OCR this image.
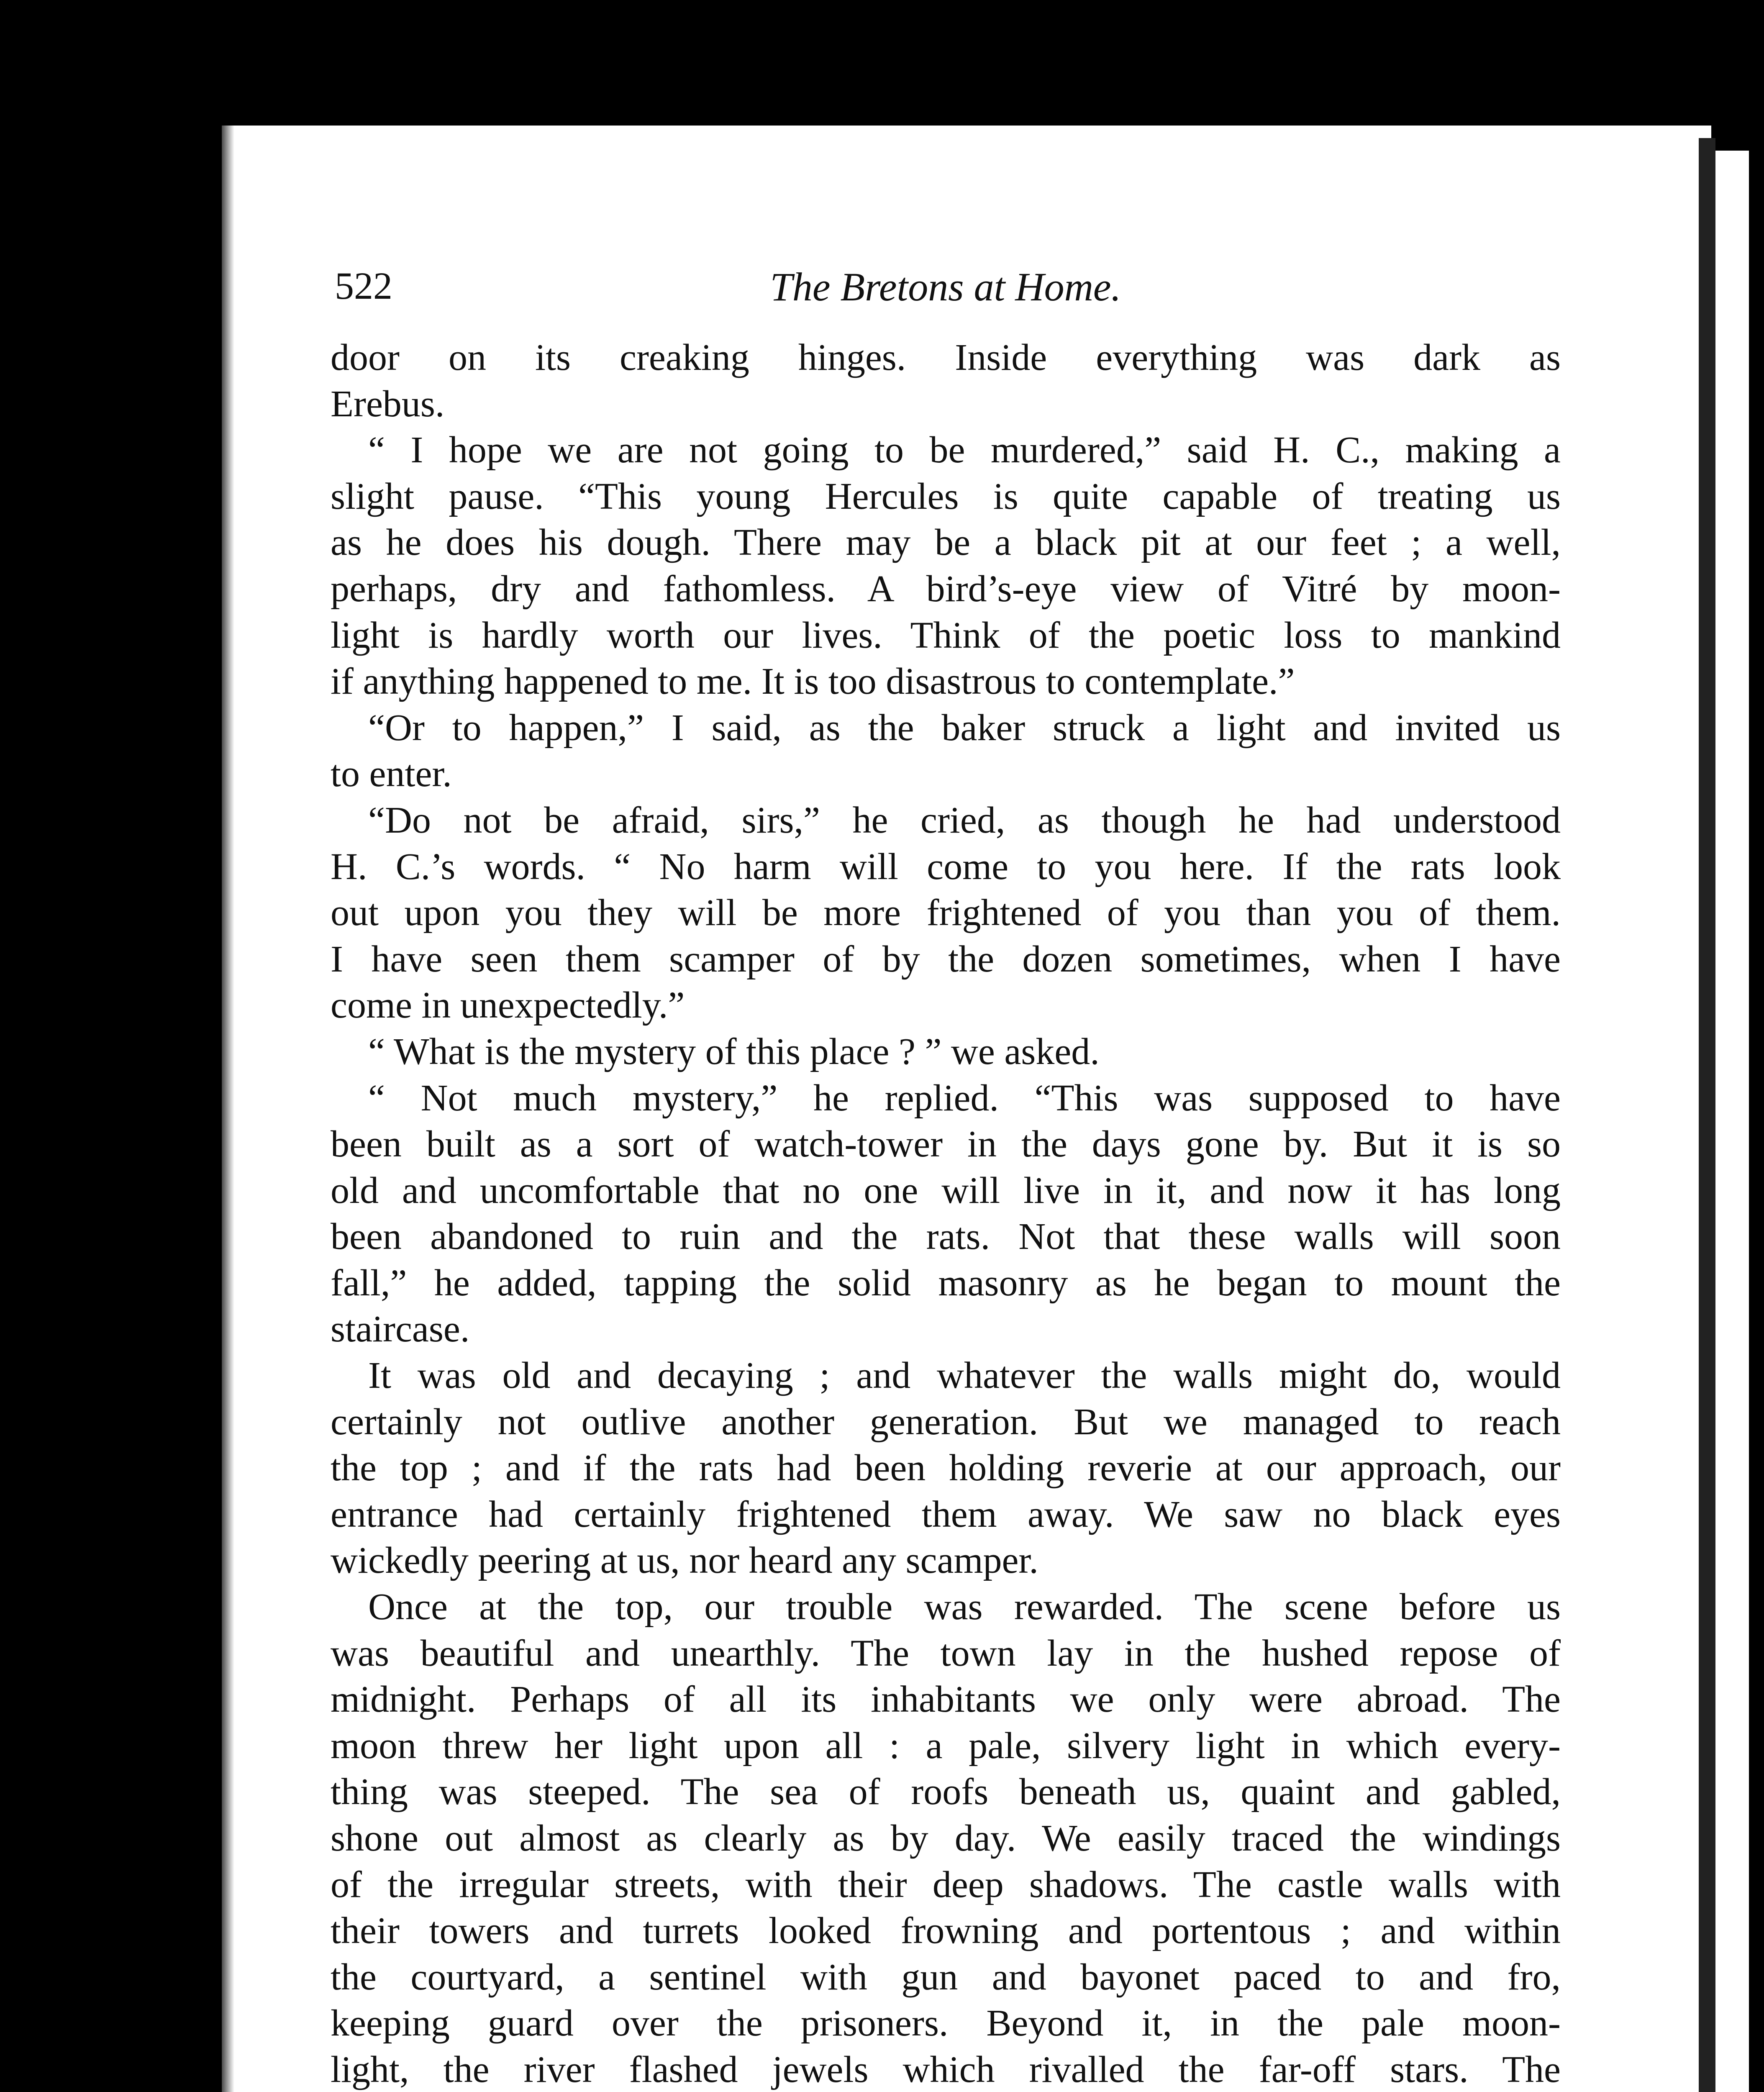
522	The Bretons at Home.
door on its creaking hinges. Inside everything was dark as
Erebus.
“ I hope we are not going to be murdered,” said H. C., making a
slight pause. “This young Hercules is quite capable of treating us
as he does his dough. There may be a black pit at our feet ; a well,
perhaps, dry and fathomless. A bird’s-eye view of Vitré by moon-
light is hardly worth our lives. Think of the poetic loss to mankind
if anything happened to me. It is too disastrous to contemplate.”
“Or to happen,” I said, as the baker struck a light and invited us
to enter.
“Do not be afraid, sirs,” he cried, as though he had understood
H. C.’s words. “ No harm will come to you here. If the rats look
out upon you they will be more frightened of you than you of them.
I have seen them scamper of by the dozen sometimes, when I have
come in unexpectedly.”
“ What is the mystery of this place ? ” we asked.
“ Not much mystery,” he replied. “This was supposed to have
been built as a sort of watch-tower in the days gone by. But it is so
old and uncomfortable that no one will live in it, and now it has long
been abandoned to ruin and the rats. Not that these walls will soon
fall,” he added, tapping the solid masonry as he began to mount the
staircase.
It was old and decaying ; and whatever the walls might do, would
certainly not outlive another generation. But we managed to reach
the top ; and if the rats had been holding reverie at our approach, our
entrance had certainly frightened them away. We saw no black eyes
wickedly peering at us, nor heard any scamper.
Once at the top, our trouble was rewarded. The scene before us
was beautiful and unearthly. The town lay in the hushed repose of
midnight. Perhaps of all its inhabitants we only were abroad. The
moon threw her light upon all : a pale, silvery light in which every-
thing was steeped. The sea of roofs beneath us, quaint and gabled,
shone out almost as clearly as by day. We easily traced the windings
of the irregular streets, with their deep shadows. The castle walls with
their towers and turrets looked frowning and portentous ; and within
the courtyard, a sentinel with gun and bayonet paced to and fro,
keeping guard over the prisoners. Beyond it, in the pale moon-
light, the river flashed jewels which rivalled the far-off stars. The
